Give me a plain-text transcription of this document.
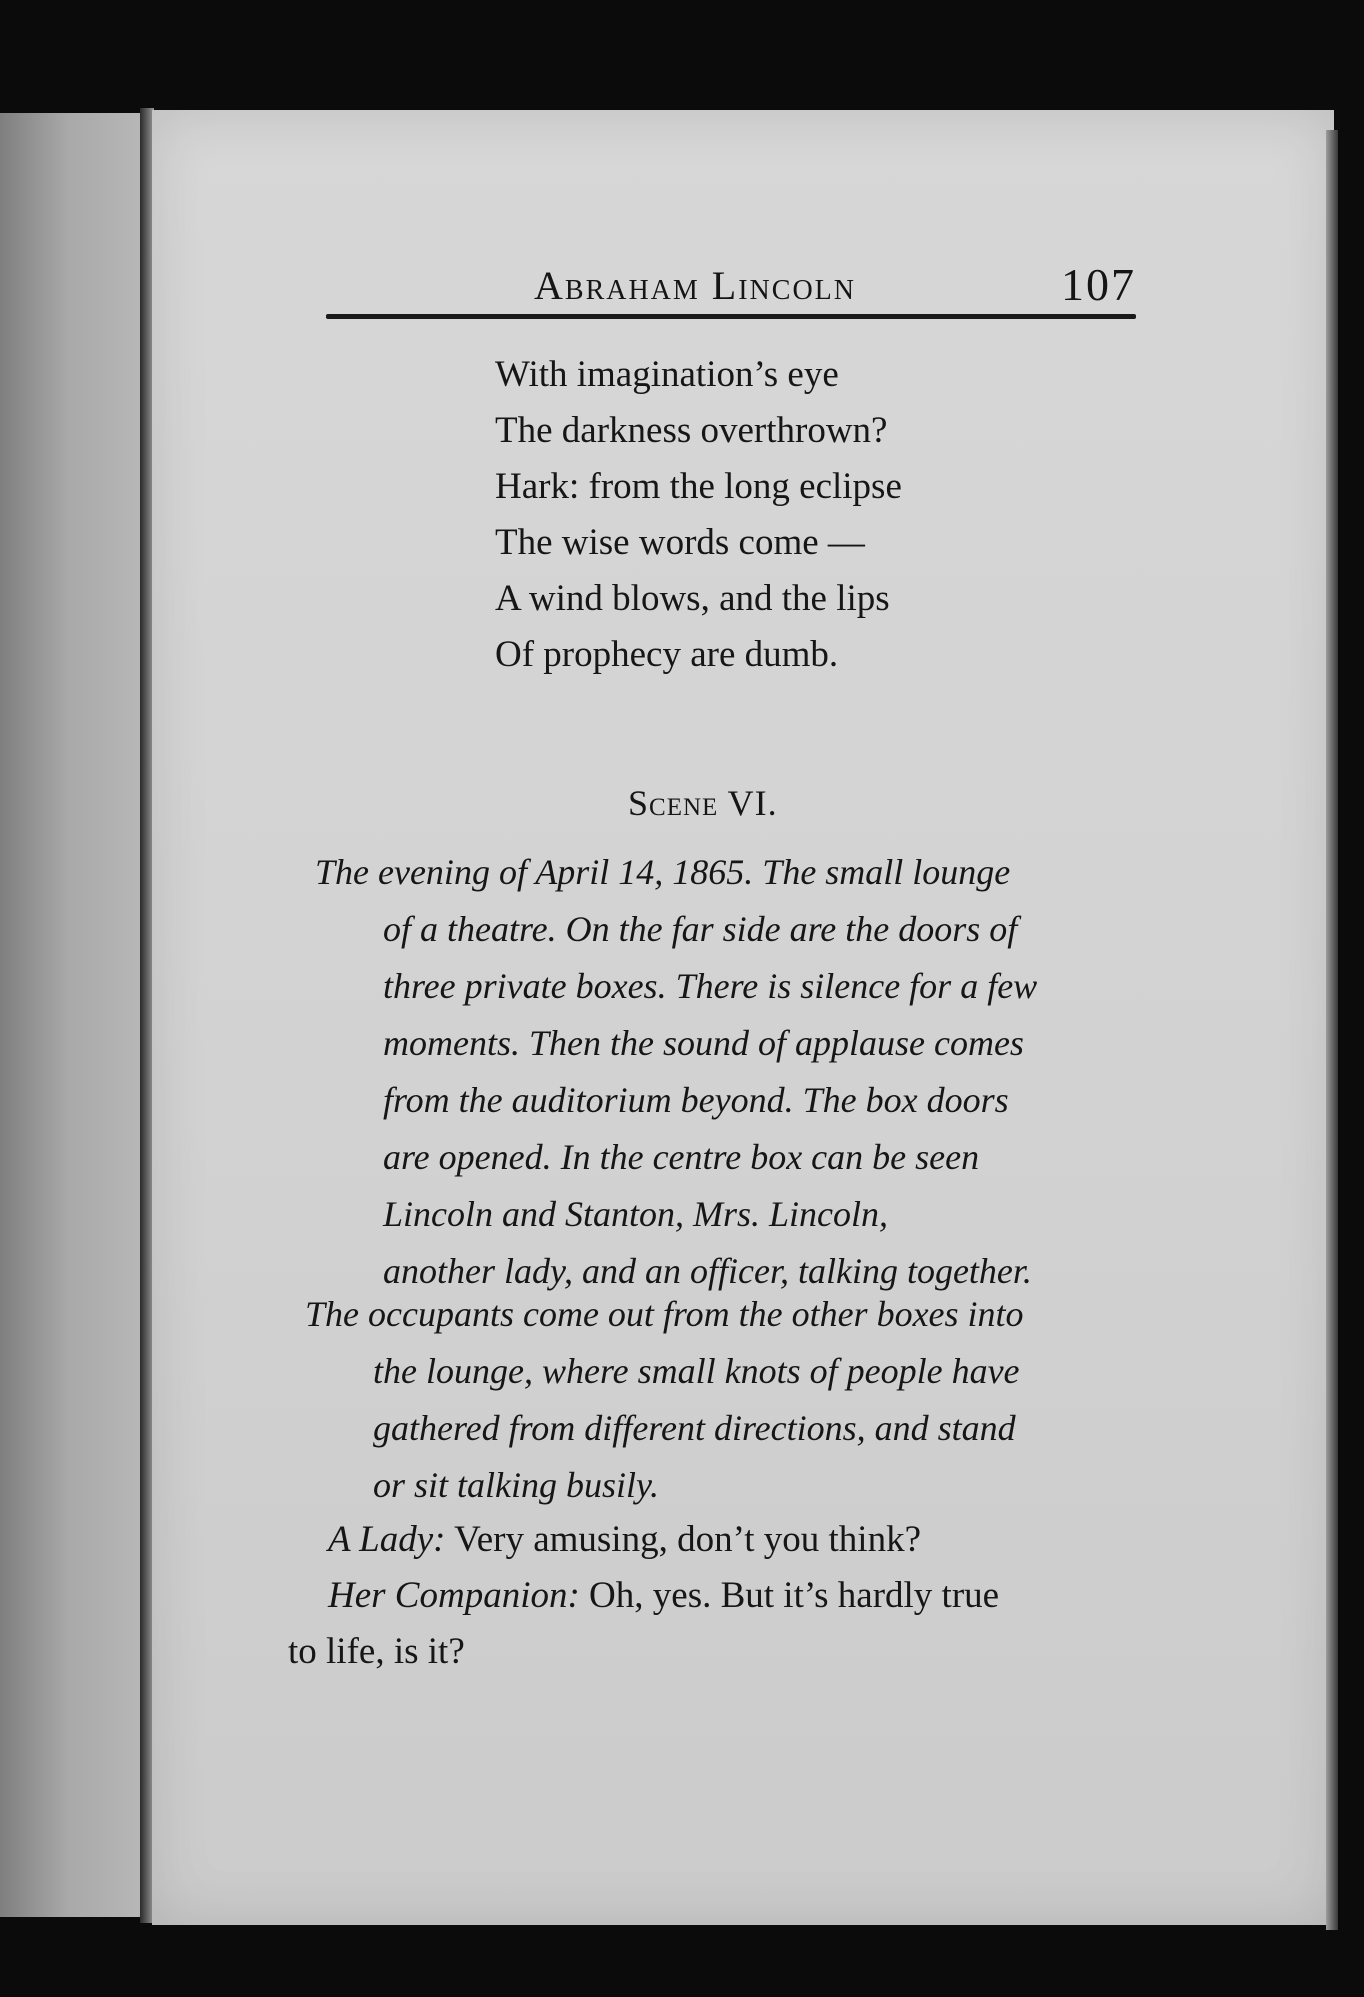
Abraham Lincoln	107
With imagination’s eye
The darkness overthrown?
Hark: from the long eclipse
The wise words come —
A wind blows, and the lips
Of prophecy are dumb.
Scene VI.
The evening of April 14, 1865. The small lounge
of a theatre. On the far side are the doors of
three private boxes. There is silence for a few
moments. Then the sound of applause comes
from the auditorium beyond. The box doors
are opened. In the centre box can be seen
Lincoln and Stanton, Mrs. Lincoln,
another lady, and an officer, talking together.
The occupants come out from the other boxes into
the lounge, where small knots of people have
gathered from different directions, and stand
or sit talking busily.
A Lady: Very amusing, don’t you think?
Her Companion: Oh, yes. But it’s hardly true
to life, is it?
